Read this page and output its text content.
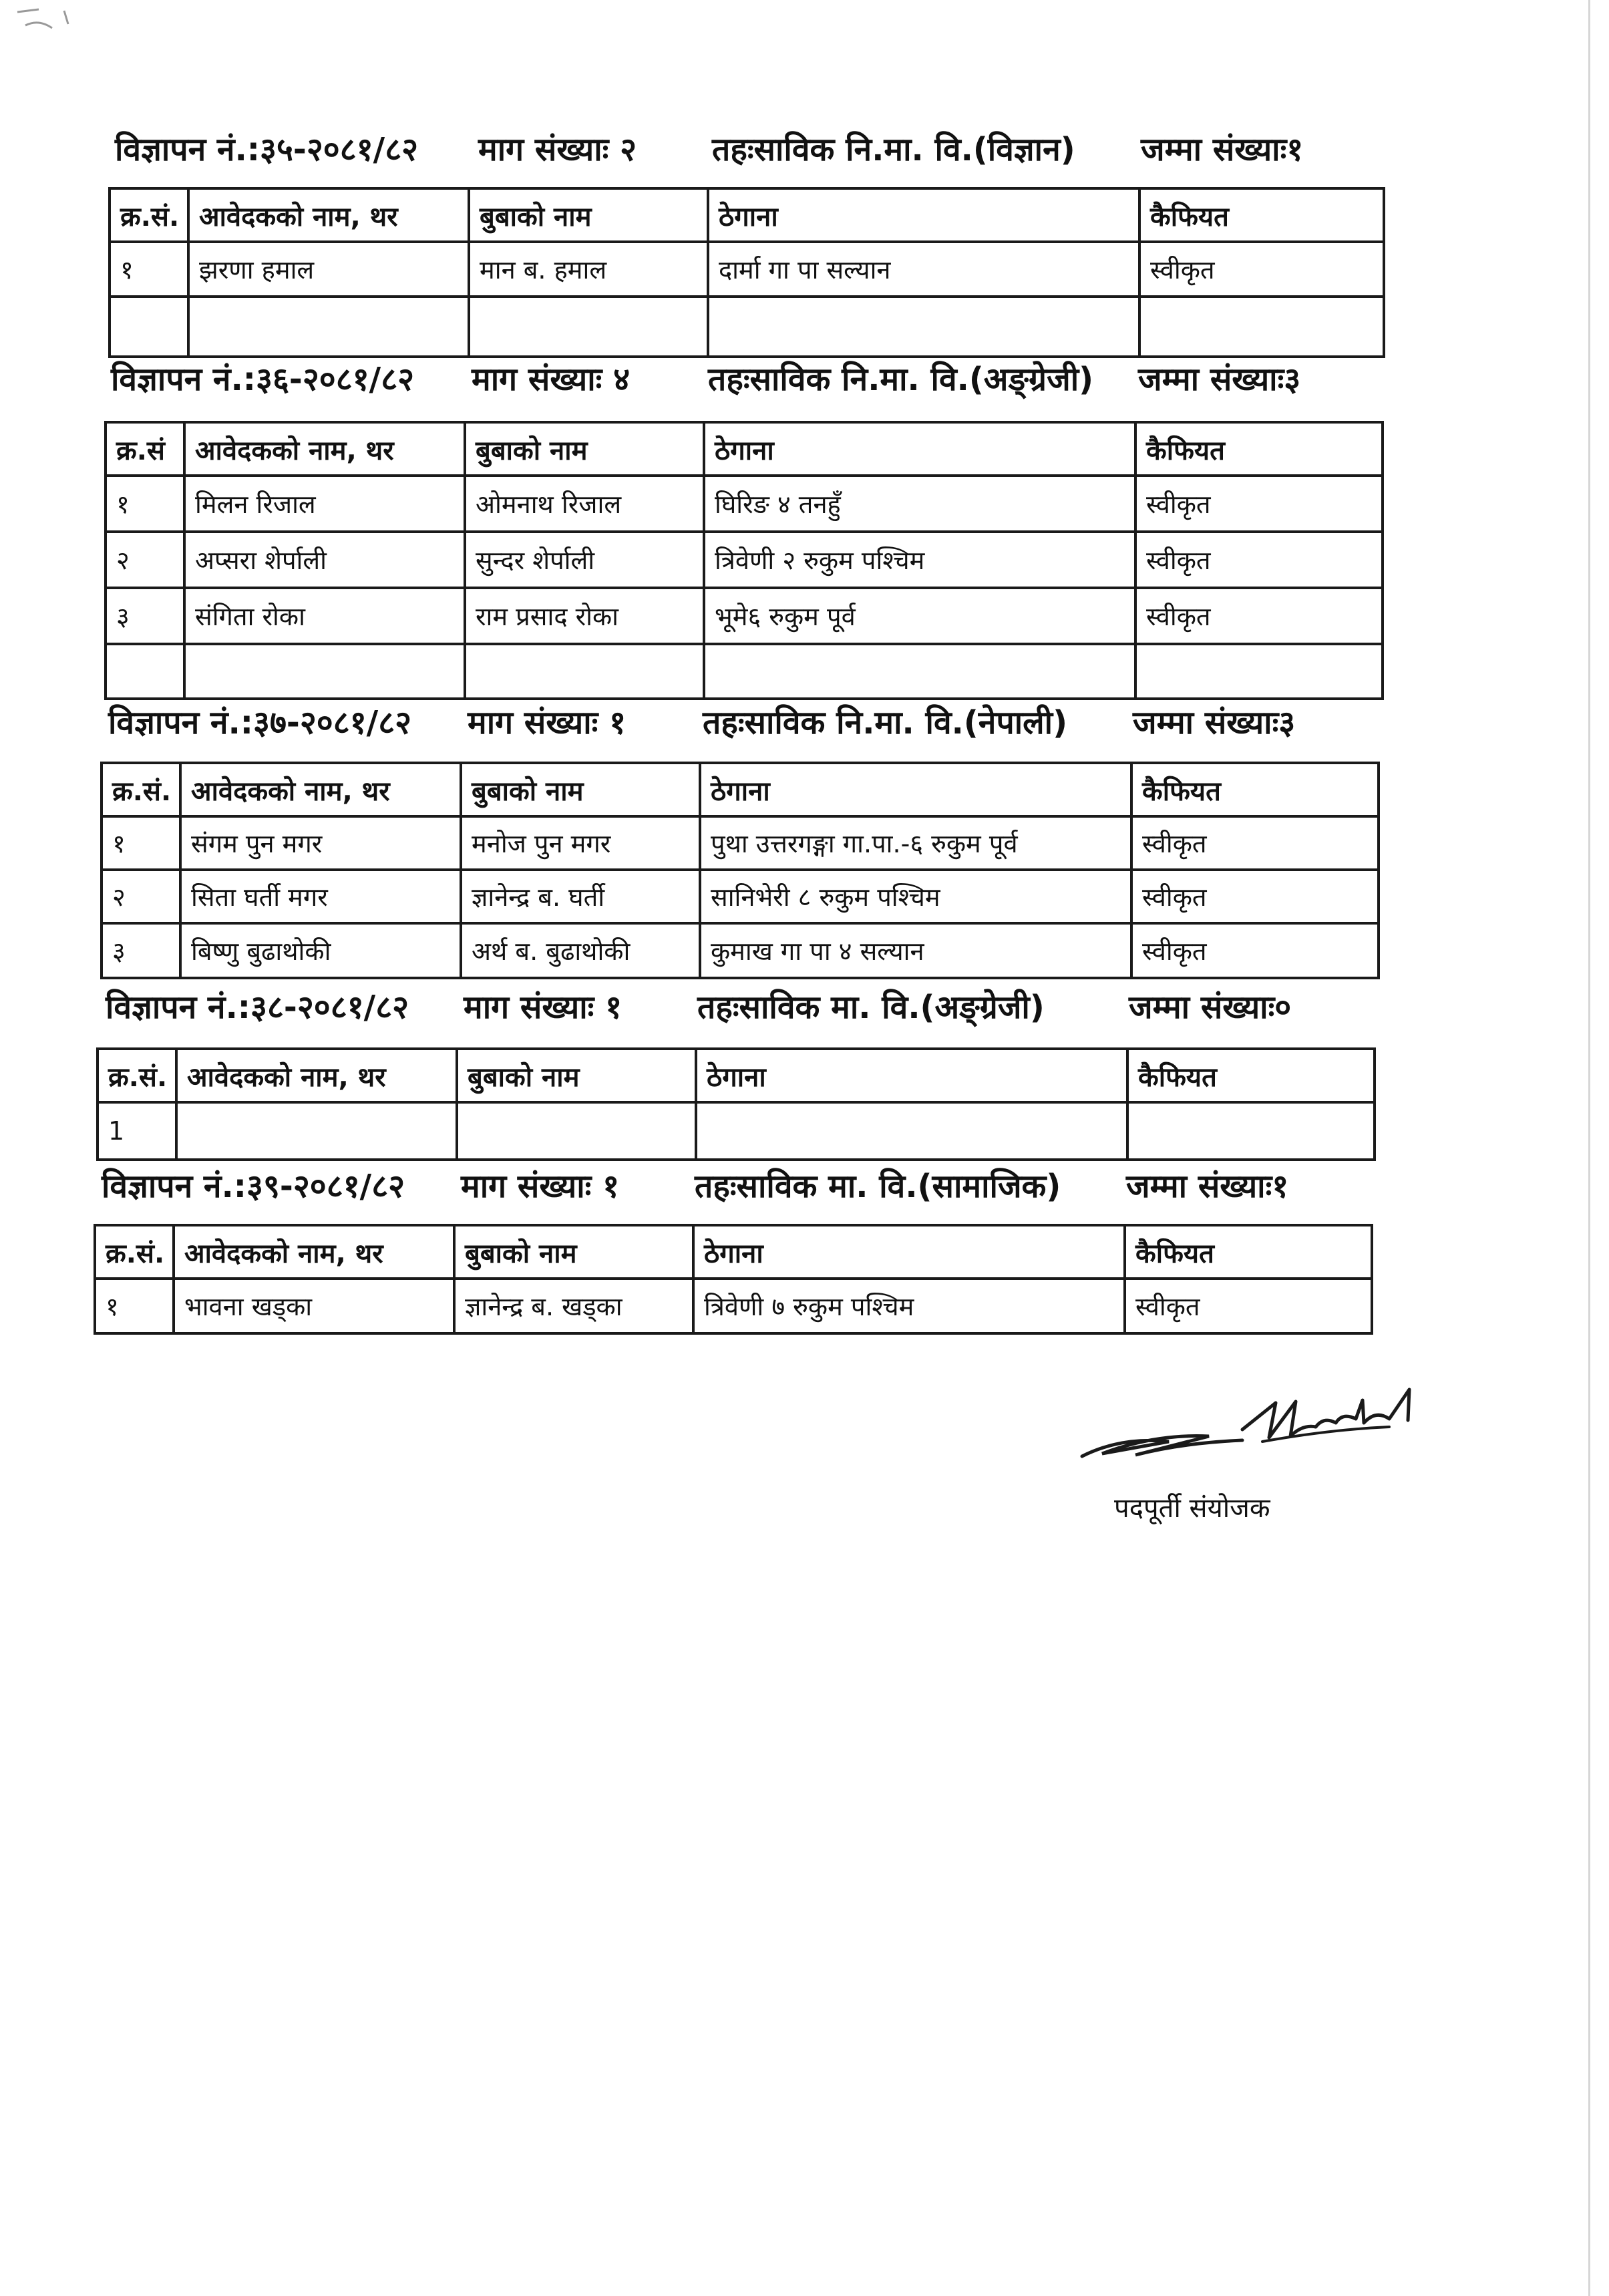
विज्ञापन नं.:३५-२०८१/८२ माग संख्याः २ तहःसाविक नि.मा. वि.(विज्ञान) जम्मा संख्याः१
क्र.सं.	आवेदकको नाम, थर	बुबाको नाम	ठेगाना	कैफियत
१	झरणा हमाल	मान ब. हमाल	दार्मा गा पा सल्यान	स्वीकृत

विज्ञापन नं.:३६-२०८१/८२ माग संख्याः ४ तहःसाविक नि.मा. वि.(अङ्ग्रेजी) जम्मा संख्याः३
क्र.सं	आवेदकको नाम, थर	बुबाको नाम	ठेगाना	कैफियत
१	मिलन रिजाल	ओमनाथ रिजाल	घिरिङ ४ तनहुँ	स्वीकृत
२	अप्सरा शेर्पाली	सुन्दर शेर्पाली	त्रिवेणी २ रुकुम पश्चिम	स्वीकृत
३	संगिता रोका	राम प्रसाद रोका	भूमे६ रुकुम पूर्व	स्वीकृत

विज्ञापन नं.:३७-२०८१/८२ माग संख्याः १ तहःसाविक नि.मा. वि.(नेपाली) जम्मा संख्याः३
क्र.सं.	आवेदकको नाम, थर	बुबाको नाम	ठेगाना	कैफियत
१	संगम पुन मगर	मनोज पुन मगर	पुथा उत्तरगङ्गा गा.पा.-६ रुकुम पूर्व	स्वीकृत
२	सिता घर्ती मगर	ज्ञानेन्द्र ब. घर्ती	सानिभेरी ८ रुकुम पश्चिम	स्वीकृत
३	बिष्णु बुढाथोकी	अर्थ ब. बुढाथोकी	कुमाख गा पा ४ सल्यान	स्वीकृत
विज्ञापन नं.:३८-२०८१/८२ माग संख्याः १ तहःसाविक मा. वि.(अङ्ग्रेजी)	जम्मा संख्याः०
क्र.सं.	आवेदकको नाम, थर	बुबाको नाम	ठेगाना	कैफियत
1				
विज्ञापन नं.:३९-२०८१/८२ माग संख्याः १ तहःसाविक मा. वि.(सामाजिक) जम्मा संख्याः१
क्र.सं.	आवेदकको नाम, थर	बुबाको नाम	ठेगाना	कैफियत
१	भावना खड्का	ज्ञानेन्द्र ब. खड्का	त्रिवेणी ७ रुकुम पश्चिम	स्वीकृत
पदपूर्ती संयोजक
